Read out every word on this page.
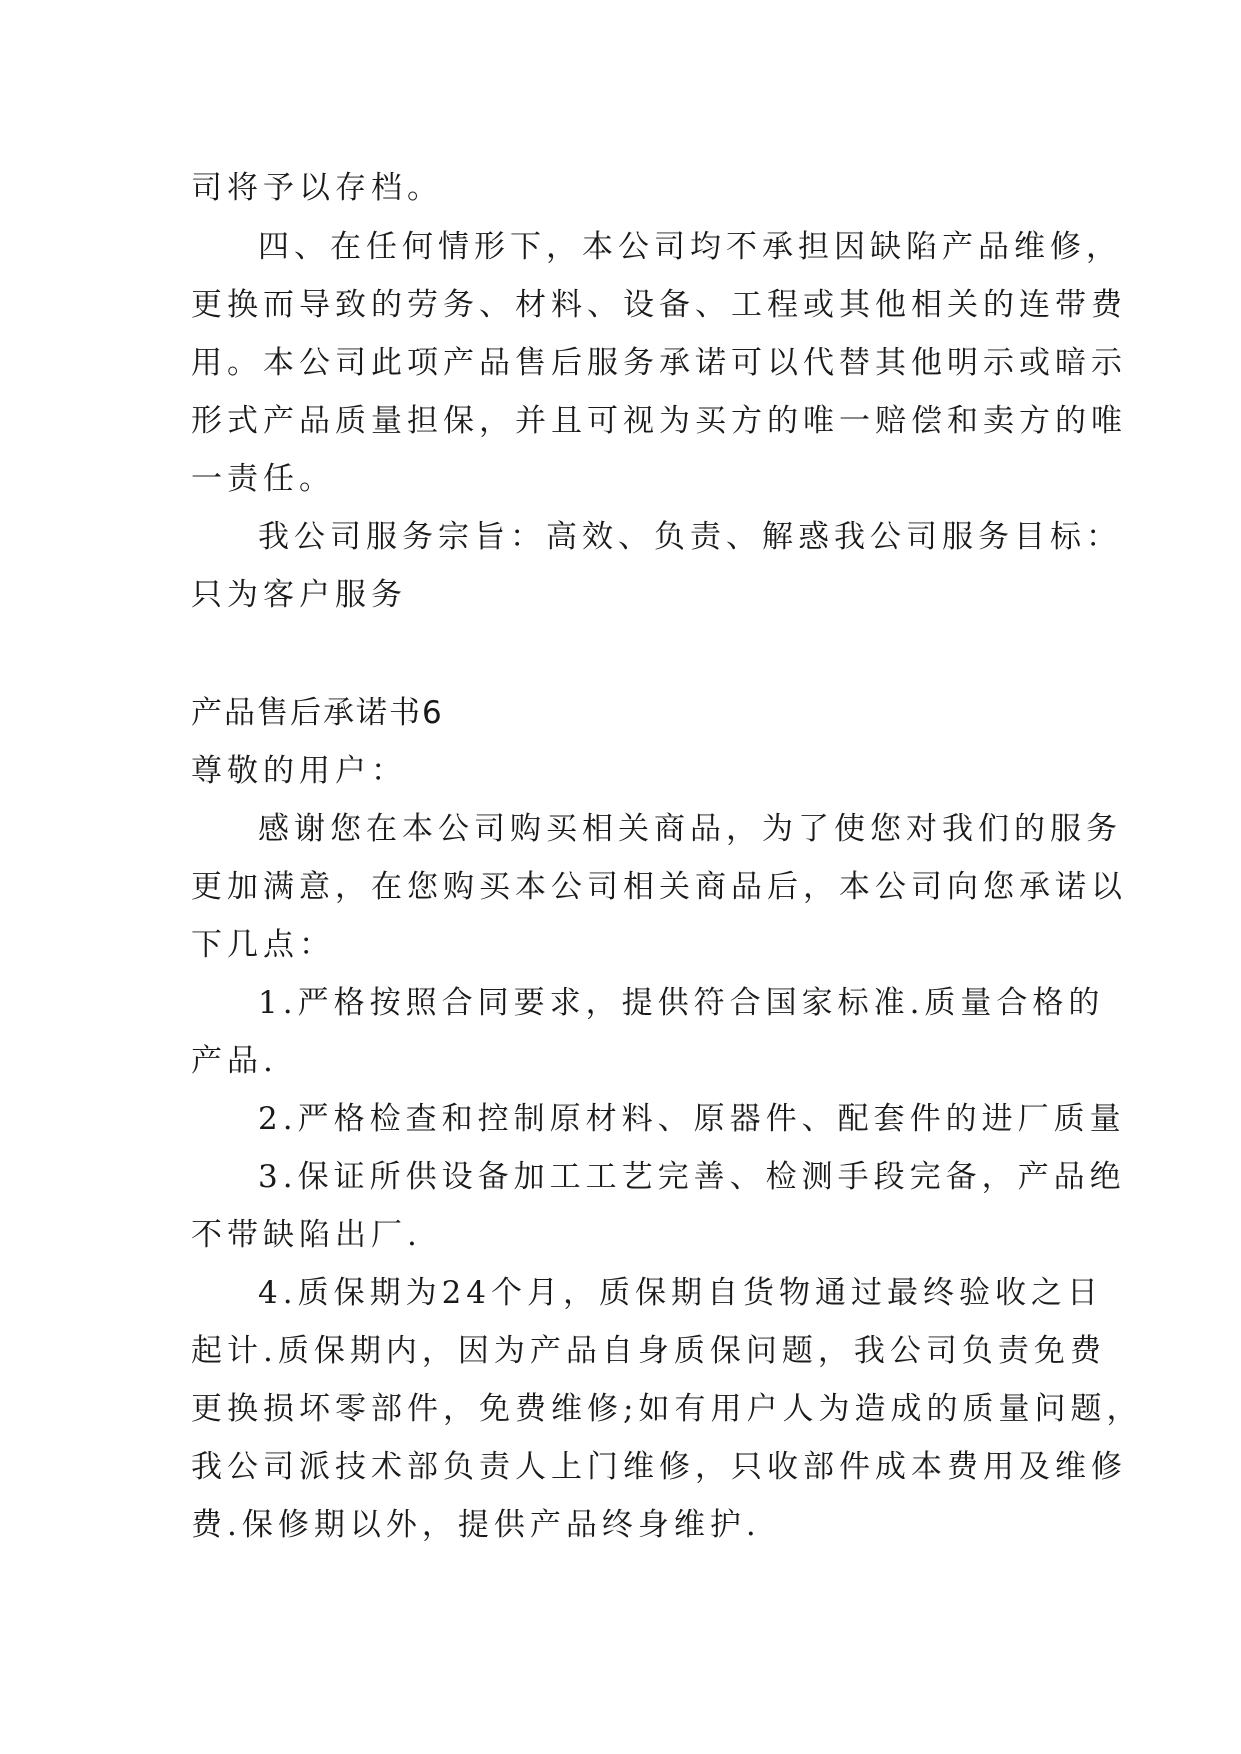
司将予以存档。
四、在任何情形下，本公司均不承担因缺陷产品维修，
更换而导致的劳务、材料、设备、工程或其他相关的连带费
用。本公司此项产品售后服务承诺可以代替其他明示或暗示
形式产品质量担保，并且可视为买方的唯一赔偿和卖方的唯
一责任。
我公司服务宗旨：高效、负责、解惑我公司服务目标：
只为客户服务
产品售后承诺书6
尊敬的用户：
感谢您在本公司购买相关商品，为了使您对我们的服务
更加满意，在您购买本公司相关商品后，本公司向您承诺以
下几点：
1.严格按照合同要求，提供符合国家标准.质量合格的
产品.
2.严格检查和控制原材料、原器件、配套件的进厂质量
3.保证所供设备加工工艺完善、检测手段完备，产品绝
不带缺陷出厂.
4.质保期为24个月，质保期自货物通过最终验收之日
起计.质保期内，因为产品自身质保问题，我公司负责免费
更换损坏零部件，免费维修;如有用户人为造成的质量问题，
我公司派技术部负责人上门维修，只收部件成本费用及维修
费.保修期以外，提供产品终身维护.
